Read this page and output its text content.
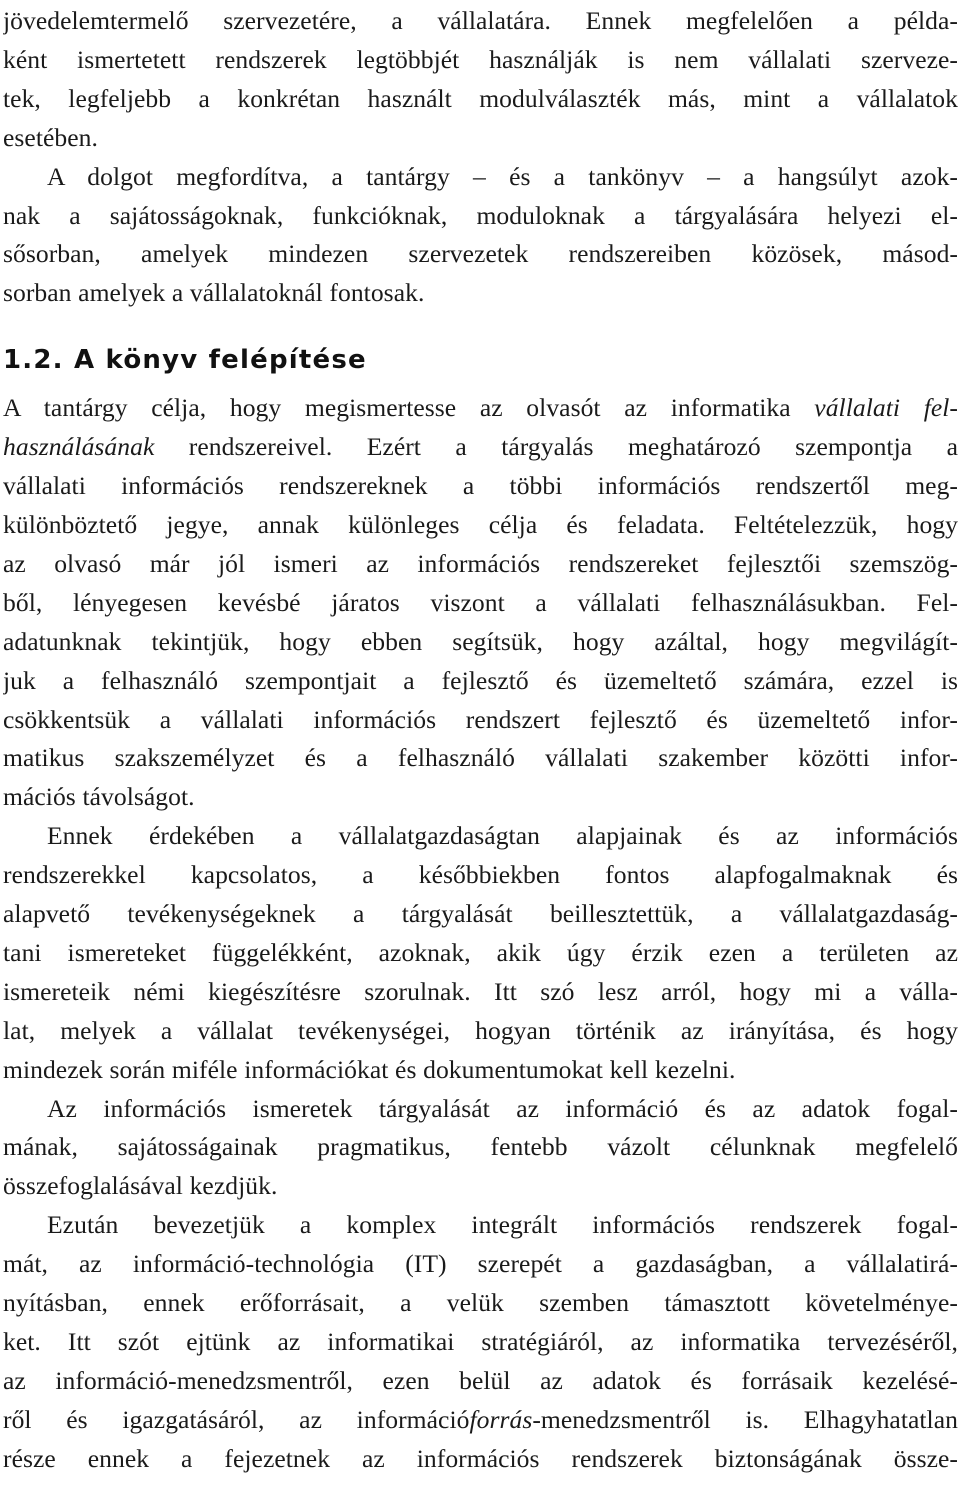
jövedelemtermelő szervezetére, a vállalatára. Ennek megfelelően a példa-
ként ismertetett rendszerek legtöbbjét használják is nem vállalati szerveze-
tek, legfeljebb a konkrétan használt modulválaszték más, mint a vállalatok
esetében.

A dolgot megfordítva, a tantárgy – és a tankönyv – a hangsúlyt azok-
nak a sajátosságoknak, funkcióknak, moduloknak a tárgyalására helyezi el-
sősorban, amelyek mindezen szervezetek rendszereiben közösek, másod-
sorban amelyek a vállalatoknál fontosak.

1.2. A könyv felépítése

A tantárgy célja, hogy megismertesse az olvasót az informatika vállalati fel-
használásának rendszereivel. Ezért a tárgyalás meghatározó szempontja a
vállalati információs rendszereknek a többi információs rendszertől meg-
különböztető jegye, annak különleges célja és feladata. Feltételezzük, hogy
az olvasó már jól ismeri az információs rendszereket fejlesztői szemszög-
ből, lényegesen kevésbé járatos viszont a vállalati felhasználásukban. Fel-
adatunknak tekintjük, hogy ebben segítsük, hogy azáltal, hogy megvilágít-
juk a felhasználó szempontjait a fejlesztő és üzemeltető számára, ezzel is
csökkentsük a vállalati információs rendszert fejlesztő és üzemeltető infor-
matikus szakszemélyzet és a felhasználó vállalati szakember közötti infor-
mációs távolságot.

Ennek érdekében a vállalatgazdaságtan alapjainak és az információs
rendszerekkel kapcsolatos, a későbbiekben fontos alapfogalmaknak és
alapvető tevékenységeknek a tárgyalását beillesztettük, a vállalatgazdaság-
tani ismereteket függelékként, azoknak, akik úgy érzik ezen a területen az
ismereteik némi kiegészítésre szorulnak. Itt szó lesz arról, hogy mi a válla-
lat, melyek a vállalat tevékenységei, hogyan történik az irányítása, és hogy
mindezek során miféle információkat és dokumentumokat kell kezelni.

Az információs ismeretek tárgyalását az információ és az adatok fogal-
mának, sajátosságainak pragmatikus, fentebb vázolt célunknak megfelelő
összefoglalásával kezdjük.

Ezután bevezetjük a komplex integrált információs rendszerek fogal-
mát, az információ-technológia (IT) szerepét a gazdaságban, a vállalatirá-
nyításban, ennek erőforrásait, a velük szemben támasztott követelménye-
ket. Itt szót ejtünk az informatikai stratégiáról, az informatika tervezéséről,
az információ-menedzsmentről, ezen belül az adatok és forrásaik kezelésé-
ről és igazgatásáról, az információforrás-menedzsmentről is. Elhagyhatatlan
része ennek a fejezetnek az információs rendszerek biztonságának össze-
